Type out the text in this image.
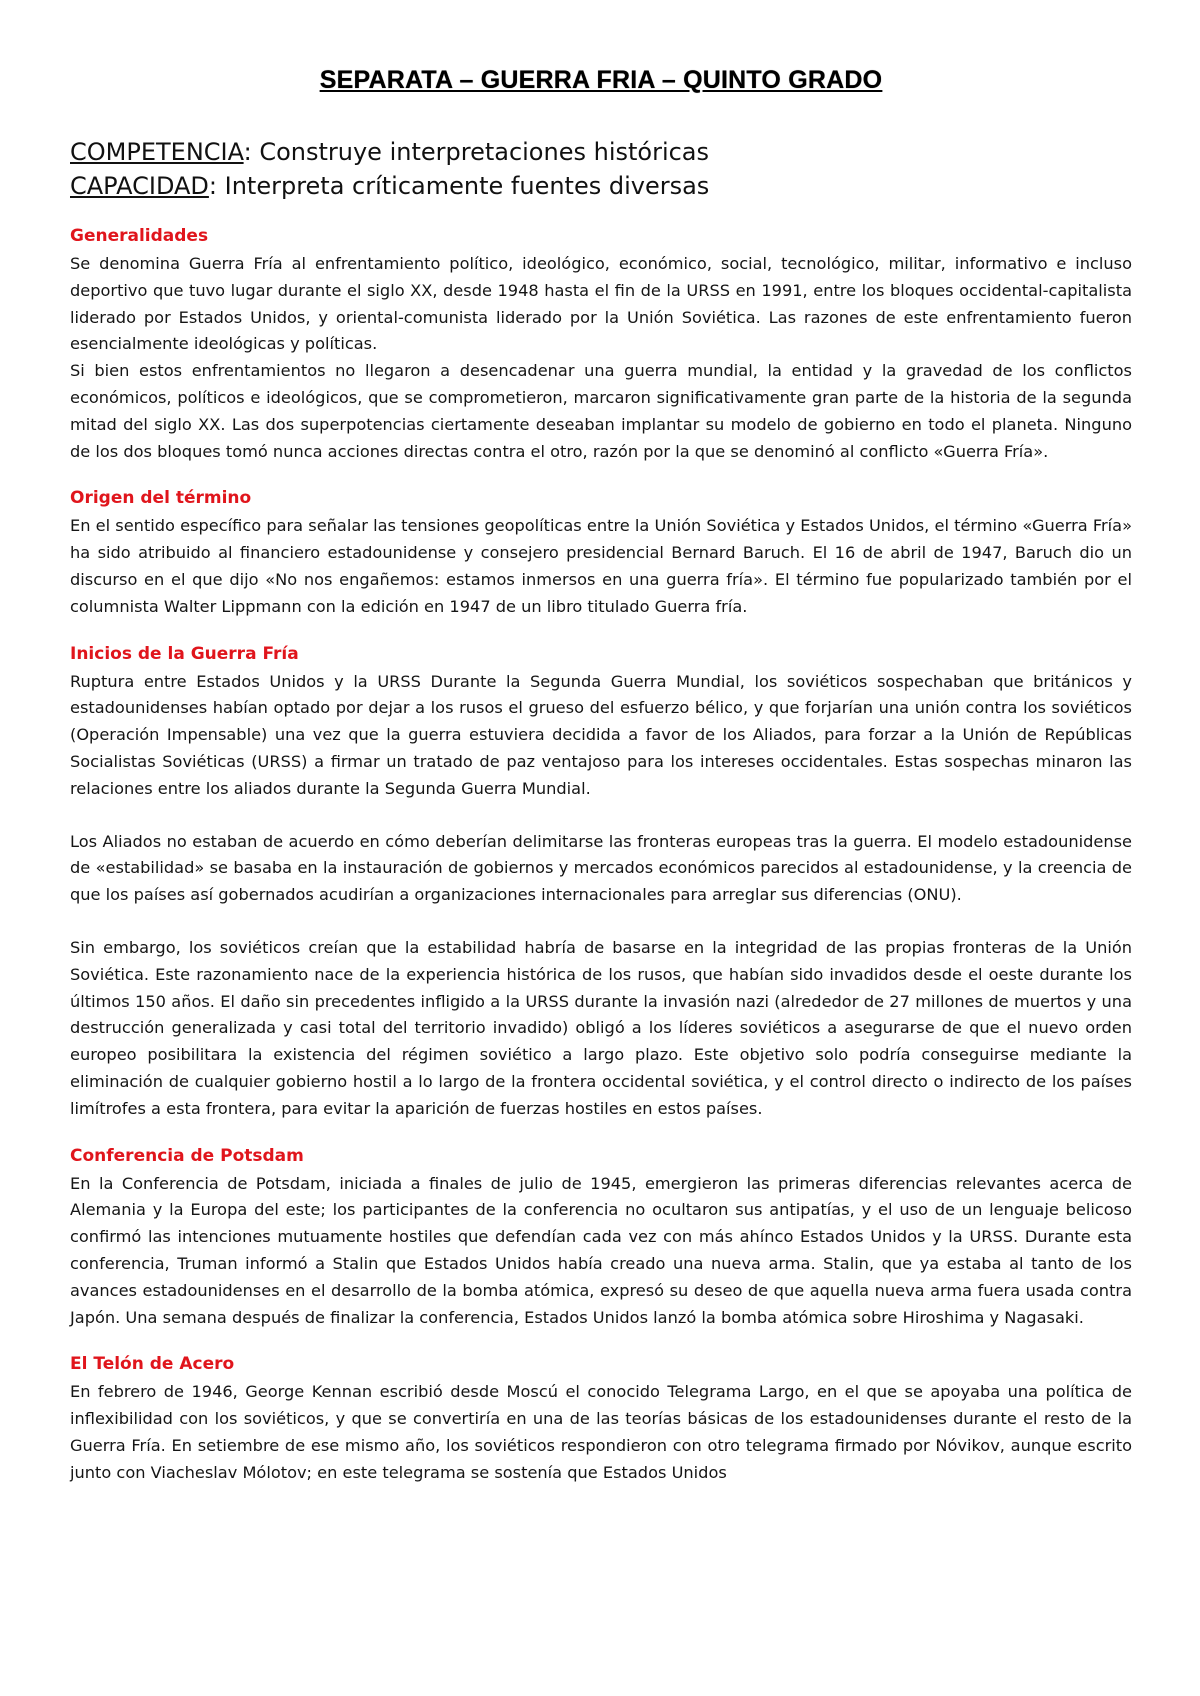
SEPARATA – GUERRA FRIA – QUINTO GRADO

COMPETENCIA: Construye interpretaciones históricas

CAPACIDAD: Interpreta críticamente fuentes diversas

Generalidades

Se denomina Guerra Fría al enfrentamiento político, ideológico, económico, social, tecnológico, militar, informativo e incluso deportivo que tuvo lugar durante el siglo XX, desde 1948 hasta el fin de la URSS en 1991, entre los bloques occidental-capitalista liderado por Estados Unidos, y oriental-comunista liderado por la Unión Soviética. Las razones de este enfrentamiento fueron esencialmente ideológicas y políticas.

Si bien estos enfrentamientos no llegaron a desencadenar una guerra mundial, la entidad y la gravedad de los conflictos económicos, políticos e ideológicos, que se comprometieron, marcaron significativamente gran parte de la historia de la segunda mitad del siglo XX. Las dos superpotencias ciertamente deseaban implantar su modelo de gobierno en todo el planeta. Ninguno de los dos bloques tomó nunca acciones directas contra el otro, razón por la que se denominó al conflicto «Guerra Fría».

Origen del término

En el sentido específico para señalar las tensiones geopolíticas entre la Unión Soviética y Estados Unidos, el término «Guerra Fría» ha sido atribuido al financiero estadounidense y consejero presidencial Bernard Baruch. El 16 de abril de 1947, Baruch dio un discurso en el que dijo «No nos engañemos: estamos inmersos en una guerra fría». El término fue popularizado también por el columnista Walter Lippmann con la edición en 1947 de un libro titulado Guerra fría.

Inicios de la Guerra Fría

Ruptura entre Estados Unidos y la URSS Durante la Segunda Guerra Mundial, los soviéticos sospechaban que británicos y estadounidenses habían optado por dejar a los rusos el grueso del esfuerzo bélico, y que forjarían una unión contra los soviéticos (Operación Impensable) una vez que la guerra estuviera decidida a favor de los Aliados, para forzar a la Unión de Repúblicas Socialistas Soviéticas (URSS) a firmar un tratado de paz ventajoso para los intereses occidentales. Estas sospechas minaron las relaciones entre los aliados durante la Segunda Guerra Mundial.

Los Aliados no estaban de acuerdo en cómo deberían delimitarse las fronteras europeas tras la guerra. El modelo estadounidense de «estabilidad» se basaba en la instauración de gobiernos y mercados económicos parecidos al estadounidense, y la creencia de que los países así gobernados acudirían a organizaciones internacionales para arreglar sus diferencias (ONU).

Sin embargo, los soviéticos creían que la estabilidad habría de basarse en la integridad de las propias fronteras de la Unión Soviética. Este razonamiento nace de la experiencia histórica de los rusos, que habían sido invadidos desde el oeste durante los últimos 150 años. El daño sin precedentes infligido a la URSS durante la invasión nazi (alrededor de 27 millones de muertos y una destrucción generalizada y casi total del territorio invadido) obligó a los líderes soviéticos a asegurarse de que el nuevo orden europeo posibilitara la existencia del régimen soviético a largo plazo. Este objetivo solo podría conseguirse mediante la eliminación de cualquier gobierno hostil a lo largo de la frontera occidental soviética, y el control directo o indirecto de los países limítrofes a esta frontera, para evitar la aparición de fuerzas hostiles en estos países.

Conferencia de Potsdam

En la Conferencia de Potsdam, iniciada a finales de julio de 1945, emergieron las primeras diferencias relevantes acerca de Alemania y la Europa del este; los participantes de la conferencia no ocultaron sus antipatías, y el uso de un lenguaje belicoso confirmó las intenciones mutuamente hostiles que defendían cada vez con más ahínco Estados Unidos y la URSS. Durante esta conferencia, Truman informó a Stalin que Estados Unidos había creado una nueva arma. Stalin, que ya estaba al tanto de los avances estadounidenses en el desarrollo de la bomba atómica, expresó su deseo de que aquella nueva arma fuera usada contra Japón. Una semana después de finalizar la conferencia, Estados Unidos lanzó la bomba atómica sobre Hiroshima y Nagasaki.

El Telón de Acero

En febrero de 1946, George Kennan escribió desde Moscú el conocido Telegrama Largo, en el que se apoyaba una política de inflexibilidad con los soviéticos, y que se convertiría en una de las teorías básicas de los estadounidenses durante el resto de la Guerra Fría. En setiembre de ese mismo año, los soviéticos respondieron con otro telegrama firmado por Nóvikov, aunque escrito junto con Viacheslav Mólotov; en este telegrama se sostenía que Estados Unidos
